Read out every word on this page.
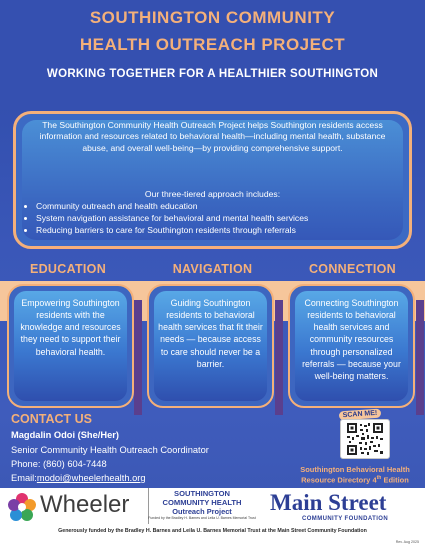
SOUTHINGTON COMMUNITY
HEALTH OUTREACH PROJECT
WORKING TOGETHER FOR A HEALTHIER SOUTHINGTON

The Southington Community Health Outreach Project helps Southington residents access information and resources related to behavioral health—including mental health, substance abuse, and overall well-being—by providing comprehensive support.

Our three-tiered approach includes:

• Community outreach and health education
• System navigation assistance for behavioral and mental health services
• Reducing barriers to care for Southington residents through referrals
EDUCATION	NAVIGATION	CONNECTION

Empowering Southington residents with the knowledge and resources they need to support their behavioral health.

Guiding Southington residents to behavioral health services that fit their needs — because access to care should never be a barrier.

Connecting Southington residents to behavioral health services and community resources through personalized referrals — because your well-being matters.

CONTACT US

Magdalin Odoi (She/Her)

Senior Community Health Outreach Coordinator

Phone: (860) 604-7448

Email:modoi@wheelerhealth.org

SCAN ME!

Southington Behavioral Health
Resource Directory 4th Edition

Wheeler	SOUTHINGTON
COMMUNITY HEALTH
Outreach Project
Funded by the Bradley H. Barnes and Leila U. Barnes Memorial Trust
Main Street
COMMUNITY FOUNDATION

Generously funded by the Bradley H. Barnes and Leila U. Barnes Memorial Trust at the Main Street Community Foundation

Rev. Aug 2025
